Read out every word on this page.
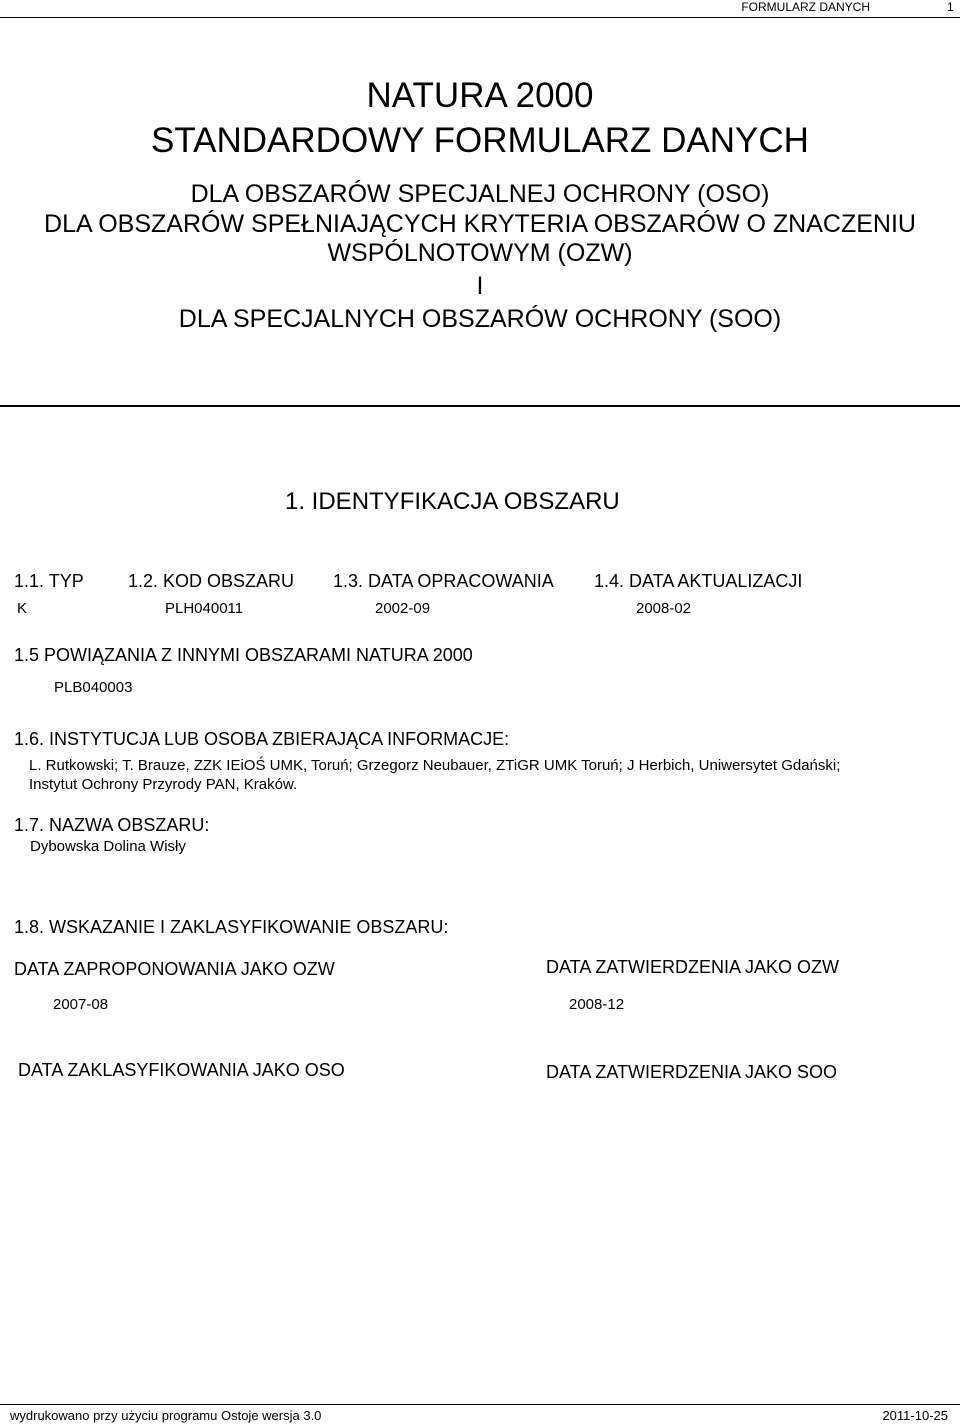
FORMULARZ DANYCH	1
NATURA 2000
STANDARDOWY FORMULARZ DANYCH
DLA OBSZARÓW SPECJALNEJ OCHRONY (OSO)
DLA OBSZARÓW SPEŁNIAJĄCYCH KRYTERIA OBSZARÓW O ZNACZENIU
WSPÓLNOTOWYM (OZW)
I
DLA SPECJALNYCH OBSZARÓW OCHRONY (SOO)
1. IDENTYFIKACJA OBSZARU
1.1. TYP 1.2. KOD OBSZARU 1.3. DATA OPRACOWANIA 1.4. DATA AKTUALIZACJI
K	PLH040011	2002-09	2008-02
1.5 POWIĄZANIA Z INNYMI OBSZARAMI NATURA 2000
PLB040003
1.6. INSTYTUCJA LUB OSOBA ZBIERAJĄCA INFORMACJE:
L. Rutkowski; T. Brauze, ZZK IEiOŚ UMK, Toruń; Grzegorz Neubauer, ZTiGR UMK Toruń; J Herbich, Uniwersytet Gdański;
Instytut Ochrony Przyrody PAN, Kraków.
1.7. NAZWA OBSZARU:
Dybowska Dolina Wisły
1.8. WSKAZANIE I ZAKLASYFIKOWANIE OBSZARU:
DATA ZAPROPONOWANIA JAKO OZW	DATA ZATWIERDZENIA JAKO OZW
2007-08	2008-12
DATA ZAKLASYFIKOWANIA JAKO OSO	DATA ZATWIERDZENIA JAKO SOO
wydrukowano przy użyciu programu Ostoje wersja 3.0	2011-10-25
